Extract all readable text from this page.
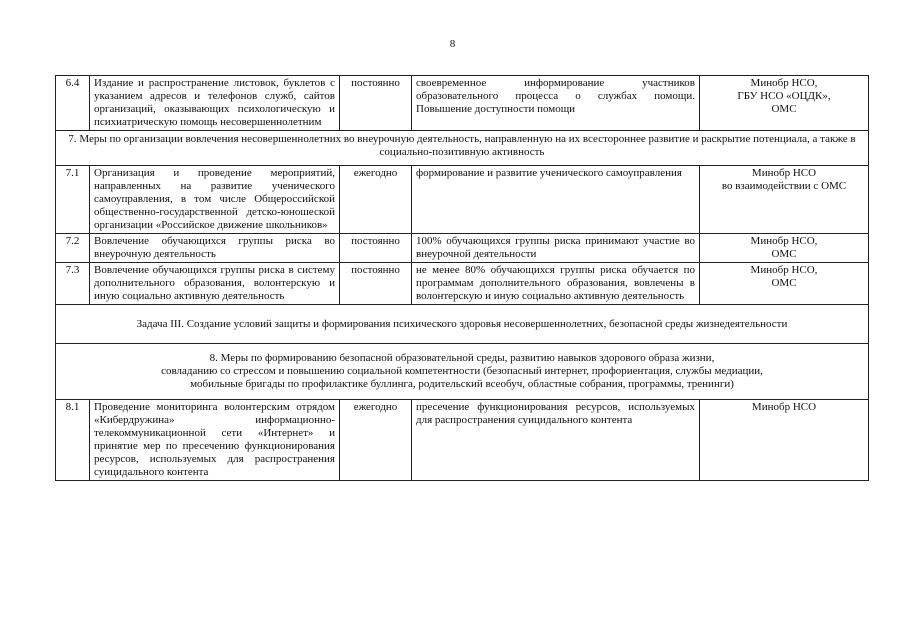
8
6.4	Издание и распространение листовок, буклетов с указанием адресов и телефонов служб, сайтов организаций, оказывающих психологическую и психиатрическую помощь несовершеннолетним	постоянно	своевременное информирование участников образовательного процесса о службах помощи. Повышение доступности помощи	Минобр НСО,
ГБУ НСО «ОЦДК»,
ОМС
7. Меры по организации вовлечения несовершеннолетних во внеурочную деятельность, направленную на их всестороннее развитие и раскрытие потенциала, а также в социально-позитивную активность				
7.1	Организация и проведение мероприятий, направленных на развитие ученического самоуправления, в том числе Общероссийской общественно-государственной детско-юношеской организации «Российское движение школьников»	ежегодно	формирование и развитие ученического самоуправления	Минобр НСО
во взаимодействии с ОМС
7.2	Вовлечение обучающихся группы риска во внеурочную деятельность	постоянно	100% обучающихся группы риска принимают участие во внеурочной деятельности	Минобр НСО,
ОМС
7.3	Вовлечение обучающихся группы риска в систему дополнительного образования, волонтерскую и иную социально активную деятельность	постоянно	не менее 80% обучающихся группы риска обучается по программам дополнительного образования, вовлечены в волонтерскую и иную социально активную деятельность	Минобр НСО,
ОМС
Задача III. Создание условий защиты и формирования психического здоровья несовершеннолетних, безопасной среды жизнедеятельности				
8. Меры по формированию безопасной образовательной среды, развитию навыков здорового образа жизни,
совладанию со стрессом и повышению социальной компетентности (безопасный интернет, профориентация, службы медиации,
мобильные бригады по профилактике буллинга, родительский всеобуч, областные собрания, программы, тренинги)				
8.1	Проведение мониторинга волонтерским отрядом «Кибердружина» информационно-телекоммуникационной сети «Интернет» и принятие мер по пресечению функционирования ресурсов, используемых для распространения суицидального контента	ежегодно	пресечение функционирования ресурсов, используемых для распространения суицидального контента	Минобр НСО
